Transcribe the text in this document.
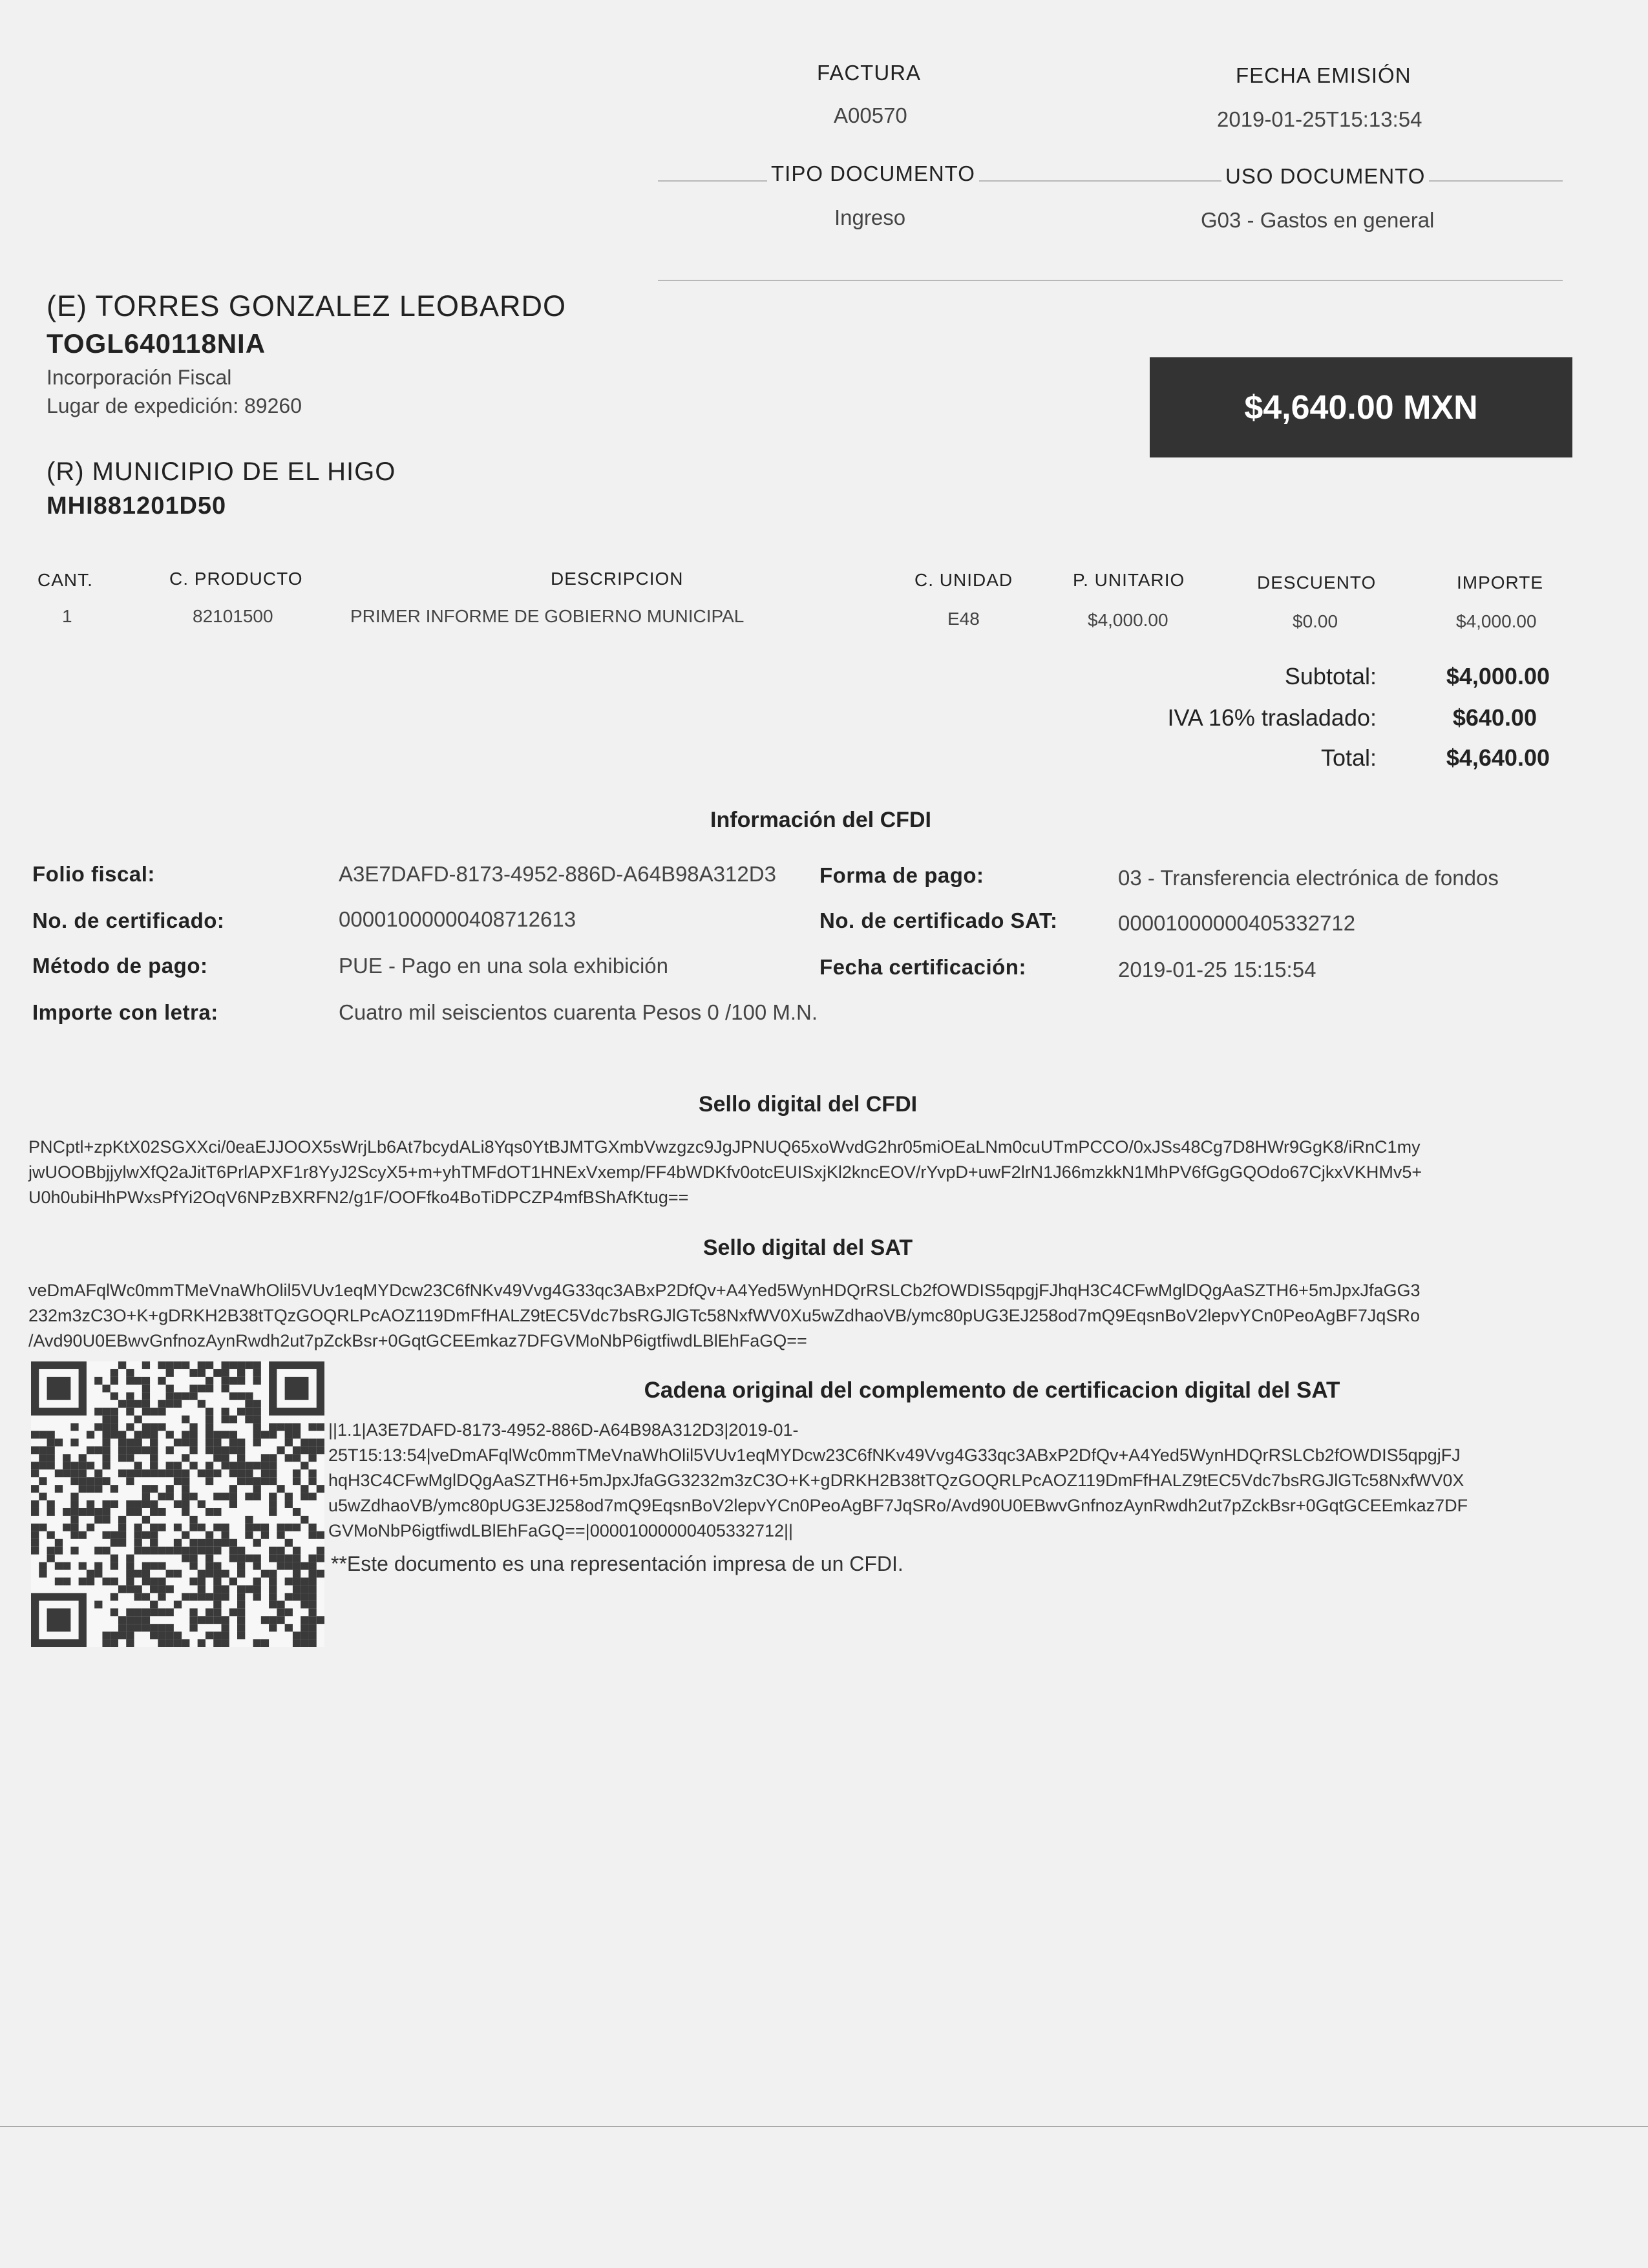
FACTURA
A00570
FECHA EMISIÓN
2019-01-25T15:13:54
TIPO DOCUMENTO
Ingreso
USO DOCUMENTO
G03 - Gastos en general
(E) TORRES GONZALEZ LEOBARDO
TOGL640118NIA
Incorporación Fiscal
Lugar de expedición: 89260	$4,640.00 MXN
(R) MUNICIPIO DE EL HIGO
MHI881201D50
CANT.	C. PRODUCTO	DESCRIPCION	C. UNIDAD	P. UNITARIO	DESCUENTO	IMPORTE
1	82101500	PRIMER INFORME DE GOBIERNO MUNICIPAL	E48	$4,000.00	$0.00	$4,000.00
Subtotal:	$4,000.00
IVA 16% trasladado:	$640.00
Total:	$4,640.00
Información del CFDI
Folio fiscal:	A3E7DAFD-8173-4952-886D-A64B98A312D3 Forma de pago:	03 - Transferencia electrónica de fondos
No. de certificado:	00001000000408712613	No. de certificado SAT:	00001000000405332712
Método de pago:	PUE - Pago en una sola exhibición	Fecha certificación:	2019-01-25 15:15:54
Importe con letra:	Cuatro mil seiscientos cuarenta Pesos 0 /100 M.N.
Sello digital del CFDI
PNCptl+zpKtX02SGXXci/0eaEJJOOX5sWrjLb6At7bcydALi8Yqs0YtBJMTGXmbVwzgzc9JgJPNUQ65xoWvdG2hr05miOEaLNm0cuUTmPCCO/0xJSs48Cg7D8HWr9GgK8/iRnC1my
jwUOOBbjjylwXfQ2aJitT6PrlAPXF1r8YyJ2ScyX5+m+yhTMFdOT1HNExVxemp/FF4bWDKfv0otcEUISxjKl2kncEOV/rYvpD+uwF2lrN1J66mzkkN1MhPV6fGgGQOdo67CjkxVKHMv5+
U0h0ubiHhPWxsPfYi2OqV6NPzBXRFN2/g1F/OOFfko4BoTiDPCZP4mfBShAfKtug==
Sello digital del SAT
veDmAFqlWc0mmTMeVnaWhOlil5VUv1eqMYDcw23C6fNKv49Vvg4G33qc3ABxP2DfQv+A4Yed5WynHDQrRSLCb2fOWDIS5qpgjFJhqH3C4CFwMglDQgAaSZTH6+5mJpxJfaGG3
232m3zC3O+K+gDRKH2B38tTQzGOQRLPcAOZ119DmFfHALZ9tEC5Vdc7bsRGJlGTc58NxfWV0Xu5wZdhaoVB/ymc80pUG3EJ258od7mQ9EqsnBoV2lepvYCn0PeoAgBF7JqSRo
/Avd90U0EBwvGnfnozAynRwdh2ut7pZckBsr+0GqtGCEEmkaz7DFGVMoNbP6igtfiwdLBlEhFaGQ==
Cadena original del complemento de certificacion digital del SAT
||1.1|A3E7DAFD-8173-4952-886D-A64B98A312D3|2019-01-
25T15:13:54|veDmAFqlWc0mmTMeVnaWhOlil5VUv1eqMYDcw23C6fNKv49Vvg4G33qc3ABxP2DfQv+A4Yed5WynHDQrRSLCb2fOWDIS5qpgjFJ
hqH3C4CFwMglDQgAaSZTH6+5mJpxJfaGG3232m3zC3O+K+gDRKH2B38tTQzGOQRLPcAOZ119DmFfHALZ9tEC5Vdc7bsRGJlGTc58NxfWV0X
u5wZdhaoVB/ymc80pUG3EJ258od7mQ9EqsnBoV2lepvYCn0PeoAgBF7JqSRo/Avd90U0EBwvGnfnozAynRwdh2ut7pZckBsr+0GqtGCEEmkaz7DF
GVMoNbP6igtfiwdLBlEhFaGQ==|00001000000405332712||
**Este documento es una representación impresa de un CFDI.
